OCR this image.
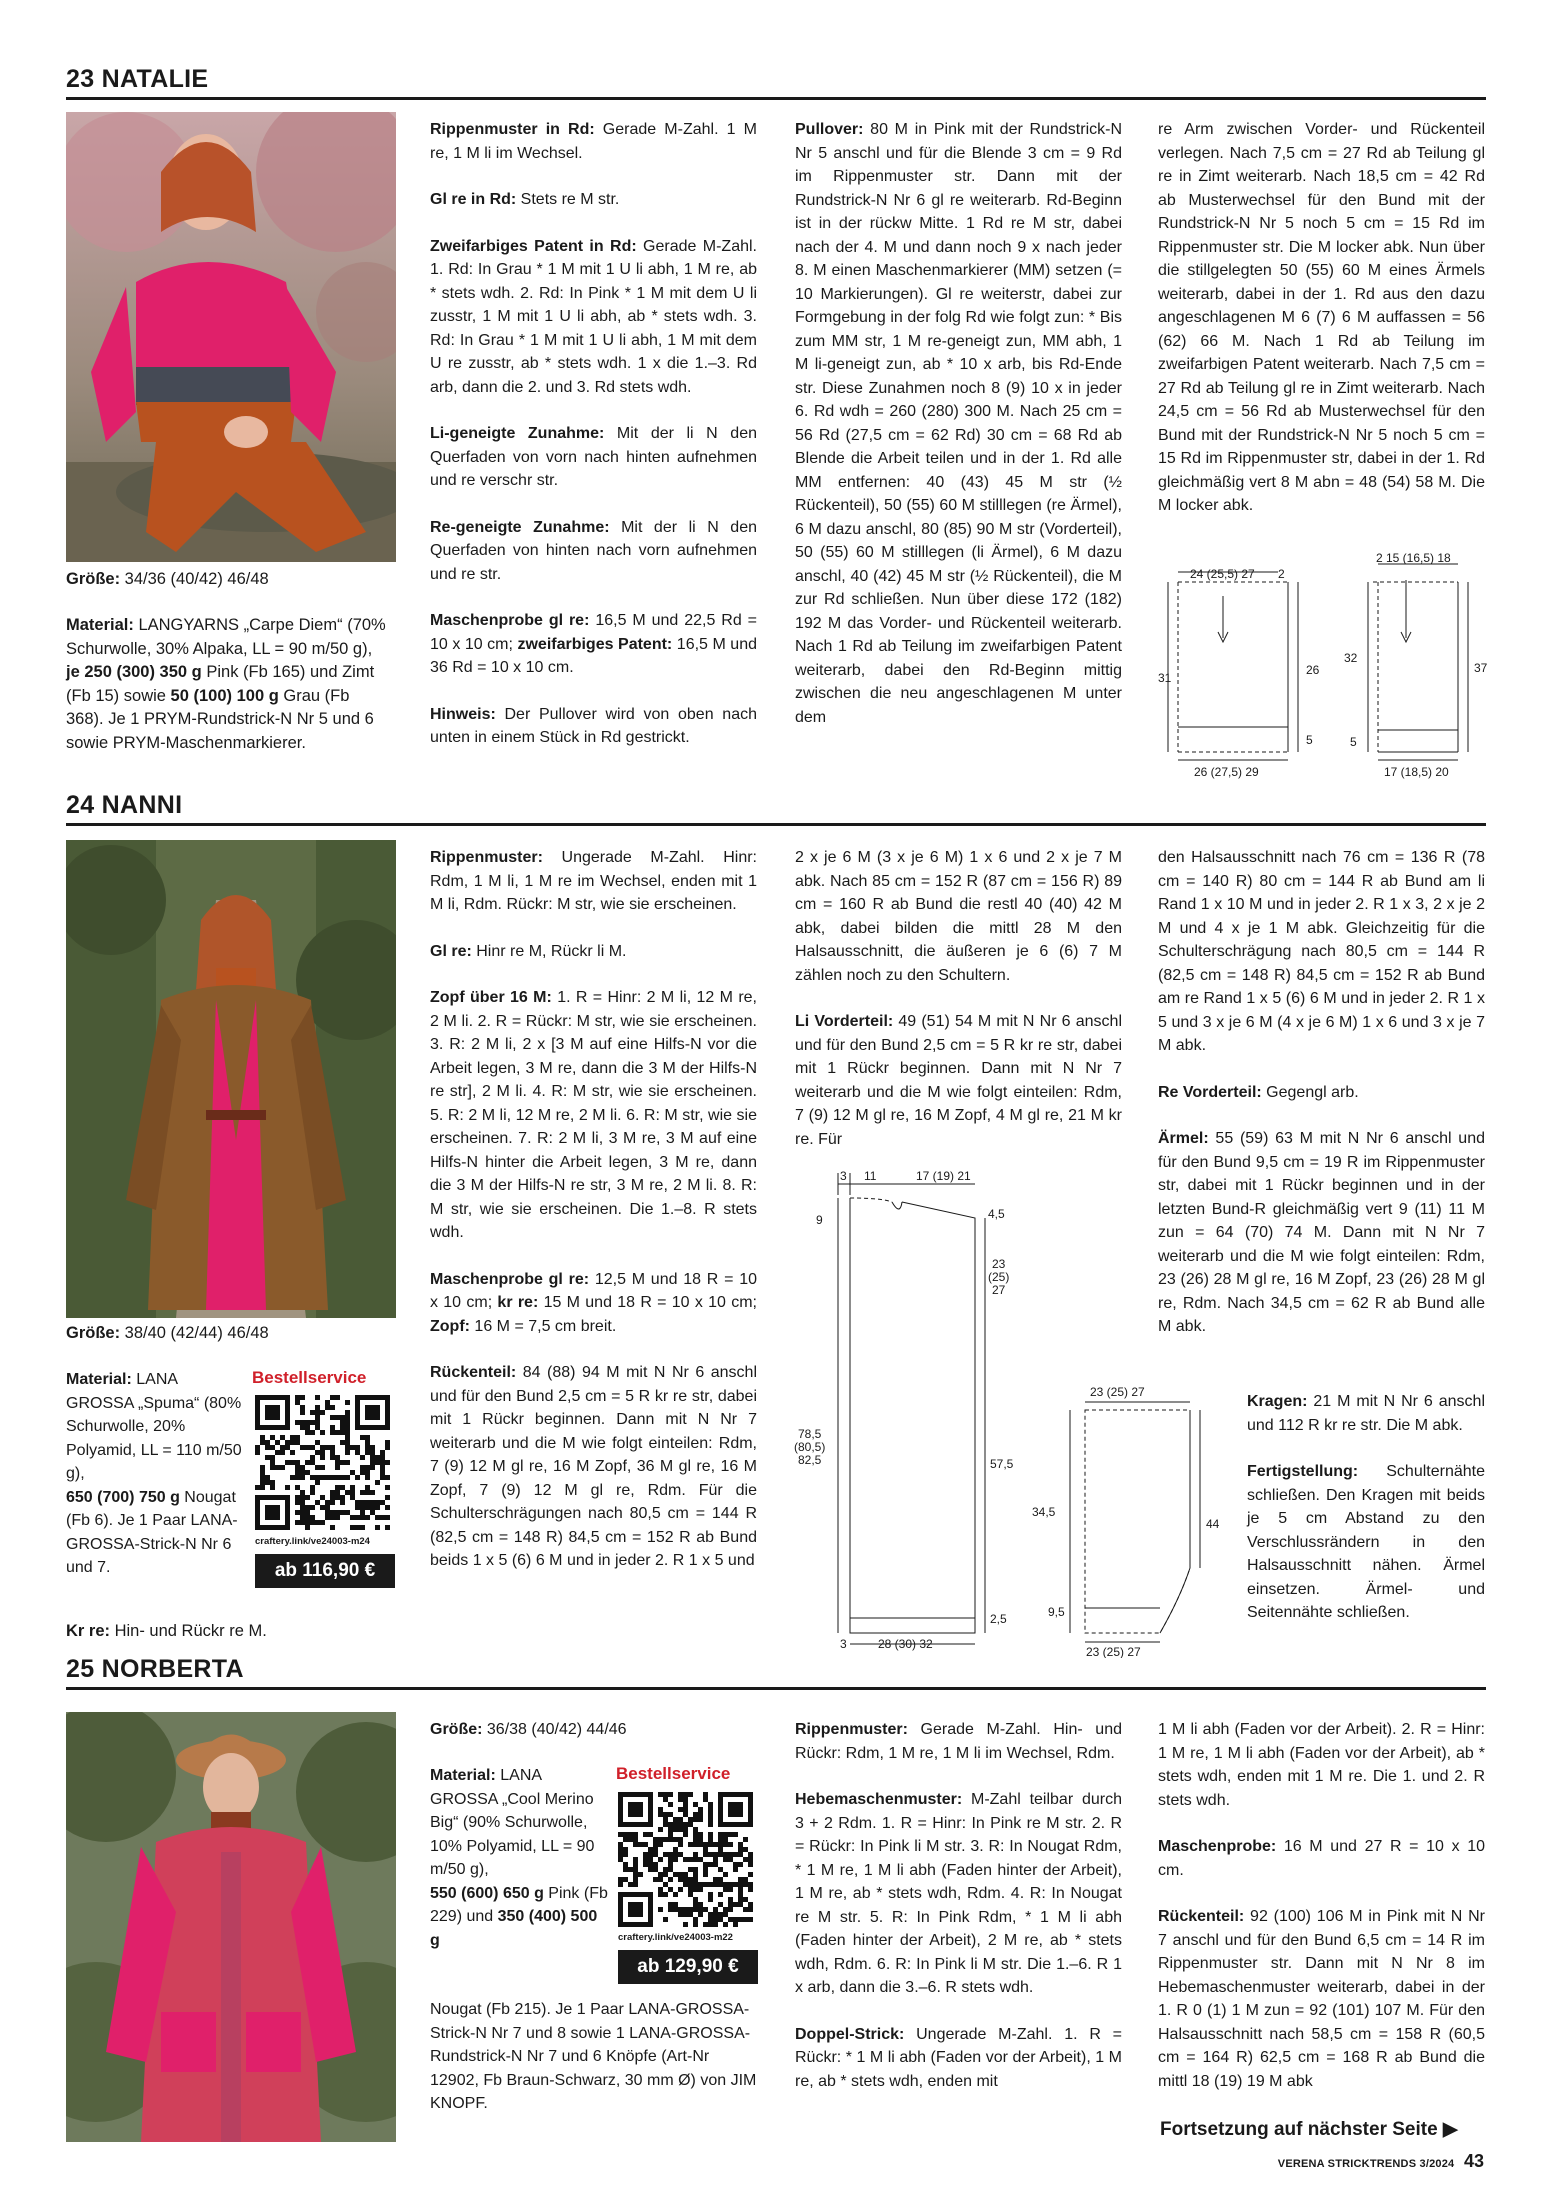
23 NATALIE
Größe: 34/36 (40/42) 46/48
Material: LANGYARNS „Carpe Diem“ (70% Schurwolle, 30% Alpaka, LL = 90 m/50 g), je 250 (300) 350 g Pink (Fb 165) und Zimt (Fb 15) sowie 50 (100) 100 g Grau (Fb 368). Je 1 PRYM-Rundstrick-N Nr 5 und 6 sowie PRYM-Maschenmarkierer.

Rippenmuster in Rd: Gerade M-Zahl. 1 M re, 1 M li im Wechsel.

Gl re in Rd: Stets re M str.

Zweifarbiges Patent in Rd: Gerade M-Zahl. 1. Rd: In Grau * 1 M mit 1 U li abh, 1 M re, ab * stets wdh. 2. Rd: In Pink * 1 M mit dem U li zusstr, 1 M mit 1 U li abh, ab * stets wdh. 3. Rd: In Grau * 1 M mit 1 U li abh, 1 M mit dem U re zusstr, ab * stets wdh. 1 x die 1.–3. Rd arb, dann die 2. und 3. Rd stets wdh.

Li-geneigte Zunahme: Mit der li N den Querfaden von vorn nach hinten aufnehmen und re verschr str.

Re-geneigte Zunahme: Mit der li N den Querfaden von hinten nach vorn aufnehmen und re str.

Maschenprobe gl re: 16,5 M und 22,5 Rd = 10 x 10 cm; zweifarbiges Patent: 16,5 M und 36 Rd = 10 x 10 cm.

Hinweis: Der Pullover wird von oben nach unten in einem Stück in Rd gestrickt.

Pullover: 80 M in Pink mit der Rundstrick-N Nr 5 anschl und für die Blende 3 cm = 9 Rd im Rippenmuster str. Dann mit der Rundstrick-N Nr 6 gl re weiterarb. Rd-Beginn ist in der rückw Mitte. 1 Rd re M str, dabei nach der 4. M und dann noch 9 x nach jeder 8. M einen Maschenmarkierer (MM) setzen (= 10 Markierungen). Gl re weiterstr, dabei zur Formgebung in der folg Rd wie folgt zun: * Bis zum MM str, 1 M re-geneigt zun, MM abh, 1 M li-geneigt zun, ab * 10 x arb, bis Rd-Ende str. Diese Zunahmen noch 8 (9) 10 x in jeder 6. Rd wdh = 260 (280) 300 M. Nach 25 cm = 56 Rd (27,5 cm = 62 Rd) 30 cm = 68 Rd ab Blende die Arbeit teilen und in der 1. Rd alle MM entfernen: 40 (43) 45 M str (½ Rückenteil), 50 (55) 60 M stilllegen (re Ärmel), 6 M dazu anschl, 80 (85) 90 M str (Vorderteil), 50 (55) 60 M stilllegen (li Ärmel), 6 M dazu anschl, 40 (42) 45 M str (½ Rückenteil), die M zur Rd schließen. Nun über diese 172 (182) 192 M das Vorder- und Rückenteil weiterarb. Nach 1 Rd ab Teilung im zweifarbigen Patent weiterarb, dabei den Rd-Beginn mittig zwischen die neu angeschlagenen M unter dem

re Arm zwischen Vorder- und Rückenteil verlegen. Nach 7,5 cm = 27 Rd ab Teilung gl re in Zimt weiterarb. Nach 18,5 cm = 42 Rd ab Musterwechsel für den Bund mit der Rundstrick-N Nr 5 noch 5 cm = 15 Rd im Rippenmuster str. Die M locker abk. Nun über die stillgelegten 50 (55) 60 M eines Ärmels weiterarb, dabei in der 1. Rd aus den dazu angeschlagenen M 6 (7) 6 M auffassen = 56 (62) 66 M. Nach 1 Rd ab Teilung im zweifarbigen Patent weiterarb. Nach 7,5 cm = 27 Rd ab Teilung gl re in Zimt weiterarb. Nach 24,5 cm = 56 Rd ab Musterwechsel für den Bund mit der Rundstrick-N Nr 5 noch 5 cm = 15 Rd im Rippenmuster str, dabei in der 1. Rd gleichmäßig vert 8 M abn = 48 (54) 58 M. Die M locker abk.

24 (25,5) 27 2
31
26
5
26 (27,5) 29
2 15 (16,5) 18
32
37
5
17 (18,5) 20
24 NANNI
Größe: 38/40 (42/44) 46/48
Material: LANA GROSSA „Spuma“ (80% Schurwolle, 20% Polyamid, LL = 110 m/50 g),
650 (700) 750 g Nougat (Fb 6). Je 1 Paar LANA-GROSSA-Strick-N Nr 6 und 7.
Bestellservice
craftery.link/ve24003-m24
ab 116,90 €
Kr re: Hin- und Rückr re M.

Rippenmuster: Ungerade M-Zahl. Hinr: Rdm, 1 M li, 1 M re im Wechsel, enden mit 1 M li, Rdm. Rückr: M str, wie sie erscheinen.

Gl re: Hinr re M, Rückr li M.

Zopf über 16 M: 1. R = Hinr: 2 M li, 12 M re, 2 M li. 2. R = Rückr: M str, wie sie erscheinen. 3. R: 2 M li, 2 x [3 M auf eine Hilfs-N vor die Arbeit legen, 3 M re, dann die 3 M der Hilfs-N re str], 2 M li. 4. R: M str, wie sie erscheinen. 5. R: 2 M li, 12 M re, 2 M li. 6. R: M str, wie sie erscheinen. 7. R: 2 M li, 3 M re, 3 M auf eine Hilfs-N hinter die Arbeit legen, 3 M re, dann die 3 M der Hilfs-N re str, 3 M re, 2 M li. 8. R: M str, wie sie erscheinen. Die 1.–8. R stets wdh.

Maschenprobe gl re: 12,5 M und 18 R = 10 x 10 cm; kr re: 15 M und 18 R = 10 x 10 cm; Zopf: 16 M = 7,5 cm breit.

Rückenteil: 84 (88) 94 M mit N Nr 6 anschl und für den Bund 2,5 cm = 5 R kr re str, dabei mit 1 Rückr beginnen. Dann mit N Nr 7 weiterarb und die M wie folgt einteilen: Rdm, 7 (9) 12 M gl re, 16 M Zopf, 36 M gl re, 16 M Zopf, 7 (9) 12 M gl re, Rdm. Für die Schulterschrägungen nach 80,5 cm = 144 R (82,5 cm = 148 R) 84,5 cm = 152 R ab Bund beids 1 x 5 (6) 6 M und in jeder 2. R 1 x 5 und

2 x je 6 M (3 x je 6 M) 1 x 6 und 2 x je 7 M abk. Nach 85 cm = 152 R (87 cm = 156 R) 89 cm = 160 R ab Bund die restl 40 (40) 42 M abk, dabei bilden die mittl 28 M den Halsausschnitt, die äußeren je 6 (6) 7 M zählen noch zu den Schultern.

Li Vorderteil: 49 (51) 54 M mit N Nr 6 anschl und für den Bund 2,5 cm = 5 R kr re str, dabei mit 1 Rückr beginnen. Dann mit N Nr 7 weiterarb und die M wie folgt einteilen: Rdm, 7 (9) 12 M gl re, 16 M Zopf, 4 M gl re, 21 M kr re. Für

den Halsausschnitt nach 76 cm = 136 R (78 cm = 140 R) 80 cm = 144 R ab Bund am li Rand 1 x 10 M und in jeder 2. R 1 x 3, 2 x je 2 M und 4 x je 1 M abk. Gleichzeitig für die Schulterschrägung nach 80,5 cm = 144 R (82,5 cm = 148 R) 84,5 cm = 152 R ab Bund am re Rand 1 x 5 (6) 6 M und in jeder 2. R 1 x 5 und 3 x je 6 M (4 x je 6 M) 1 x 6 und 3 x je 7 M abk.

Re Vorderteil: Gegengl arb.

Ärmel: 55 (59) 63 M mit N Nr 6 anschl und für den Bund 9,5 cm = 19 R im Rippenmuster str, dabei mit 1 Rückr beginnen und in der letzten Bund-R gleichmäßig vert 9 (11) 11 M zun = 64 (70) 74 M. Dann mit N Nr 7 weiterarb und die M wie folgt einteilen: Rdm, 23 (26) 28 M gl re, 16 M Zopf, 23 (26) 28 M gl re, Rdm. Nach 34,5 cm = 62 R ab Bund alle M abk.

Kragen: 21 M mit N Nr 6 anschl und 112 R kr re str. Die M abk.

Fertigstellung: Schulternähte schließen. Den Kragen mit beids je 5 cm Abstand zu den Verschlussrändern in den Halsausschnitt nähen. Ärmel einsetzen. Ärmel- und Seitennähte schließen.

3 11	17 (19) 21
9	4,5
23
(25)
27
78,5
(80,5)
82,5	57,5
2,5
3	28 (30) 32
23 (25) 27
34,5
44
9,5
23 (25) 27
25 NORBERTA
Größe: 36/38 (40/42) 44/46
Material: LANA GROSSA „Cool Merino Big“ (90% Schurwolle, 10% Polyamid, LL = 90 m/50 g),
550 (600) 650 g Pink (Fb 229) und 350 (400) 500 g
Nougat (Fb 215). Je 1 Paar LANA-GROSSA-Strick-N Nr 7 und 8 sowie 1 LANA-GROSSA-Rundstrick-N Nr 7 und 6 Knöpfe (Art-Nr 12902, Fb Braun-Schwarz, 30 mm Ø) von JIM KNOPF.
Bestellservice
craftery.link/ve24003-m22
ab 129,90 €

Rippenmuster: Gerade M-Zahl. Hin- und Rückr: Rdm, 1 M re, 1 M li im Wechsel, Rdm.

Hebemaschenmuster: M-Zahl teilbar durch 3 + 2 Rdm. 1. R = Hinr: In Pink re M str. 2. R = Rückr: In Pink li M str. 3. R: In Nougat Rdm, * 1 M re, 1 M li abh (Faden hinter der Arbeit), 1 M re, ab * stets wdh, Rdm. 4. R: In Nougat re M str. 5. R: In Pink Rdm, * 1 M li abh (Faden hinter der Arbeit), 2 M re, ab * stets wdh, Rdm. 6. R: In Pink li M str. Die 1.–6. R 1 x arb, dann die 3.–6. R stets wdh.

Doppel-Strick: Ungerade M-Zahl. 1. R = Rückr: * 1 M li abh (Faden vor der Arbeit), 1 M re, ab * stets wdh, enden mit

1 M li abh (Faden vor der Arbeit). 2. R = Hinr: 1 M re, 1 M li abh (Faden vor der Arbeit), ab * stets wdh, enden mit 1 M re. Die 1. und 2. R stets wdh.

Maschenprobe: 16 M und 27 R = 10 x 10 cm.

Rückenteil: 92 (100) 106 M in Pink mit N Nr 7 anschl und für den Bund 6,5 cm = 14 R im Rippenmuster str. Dann mit N Nr 8 im Hebemaschenmuster weiterarb, dabei in der 1. R 0 (1) 1 M zun = 92 (101) 107 M. Für den Halsausschnitt nach 58,5 cm = 158 R (60,5 cm = 164 R) 62,5 cm = 168 R ab Bund die mittl 18 (19) 19 M abk

Fortsetzung auf nächster Seite ▶
VERENA STRICKTRENDS 3/2024 43
